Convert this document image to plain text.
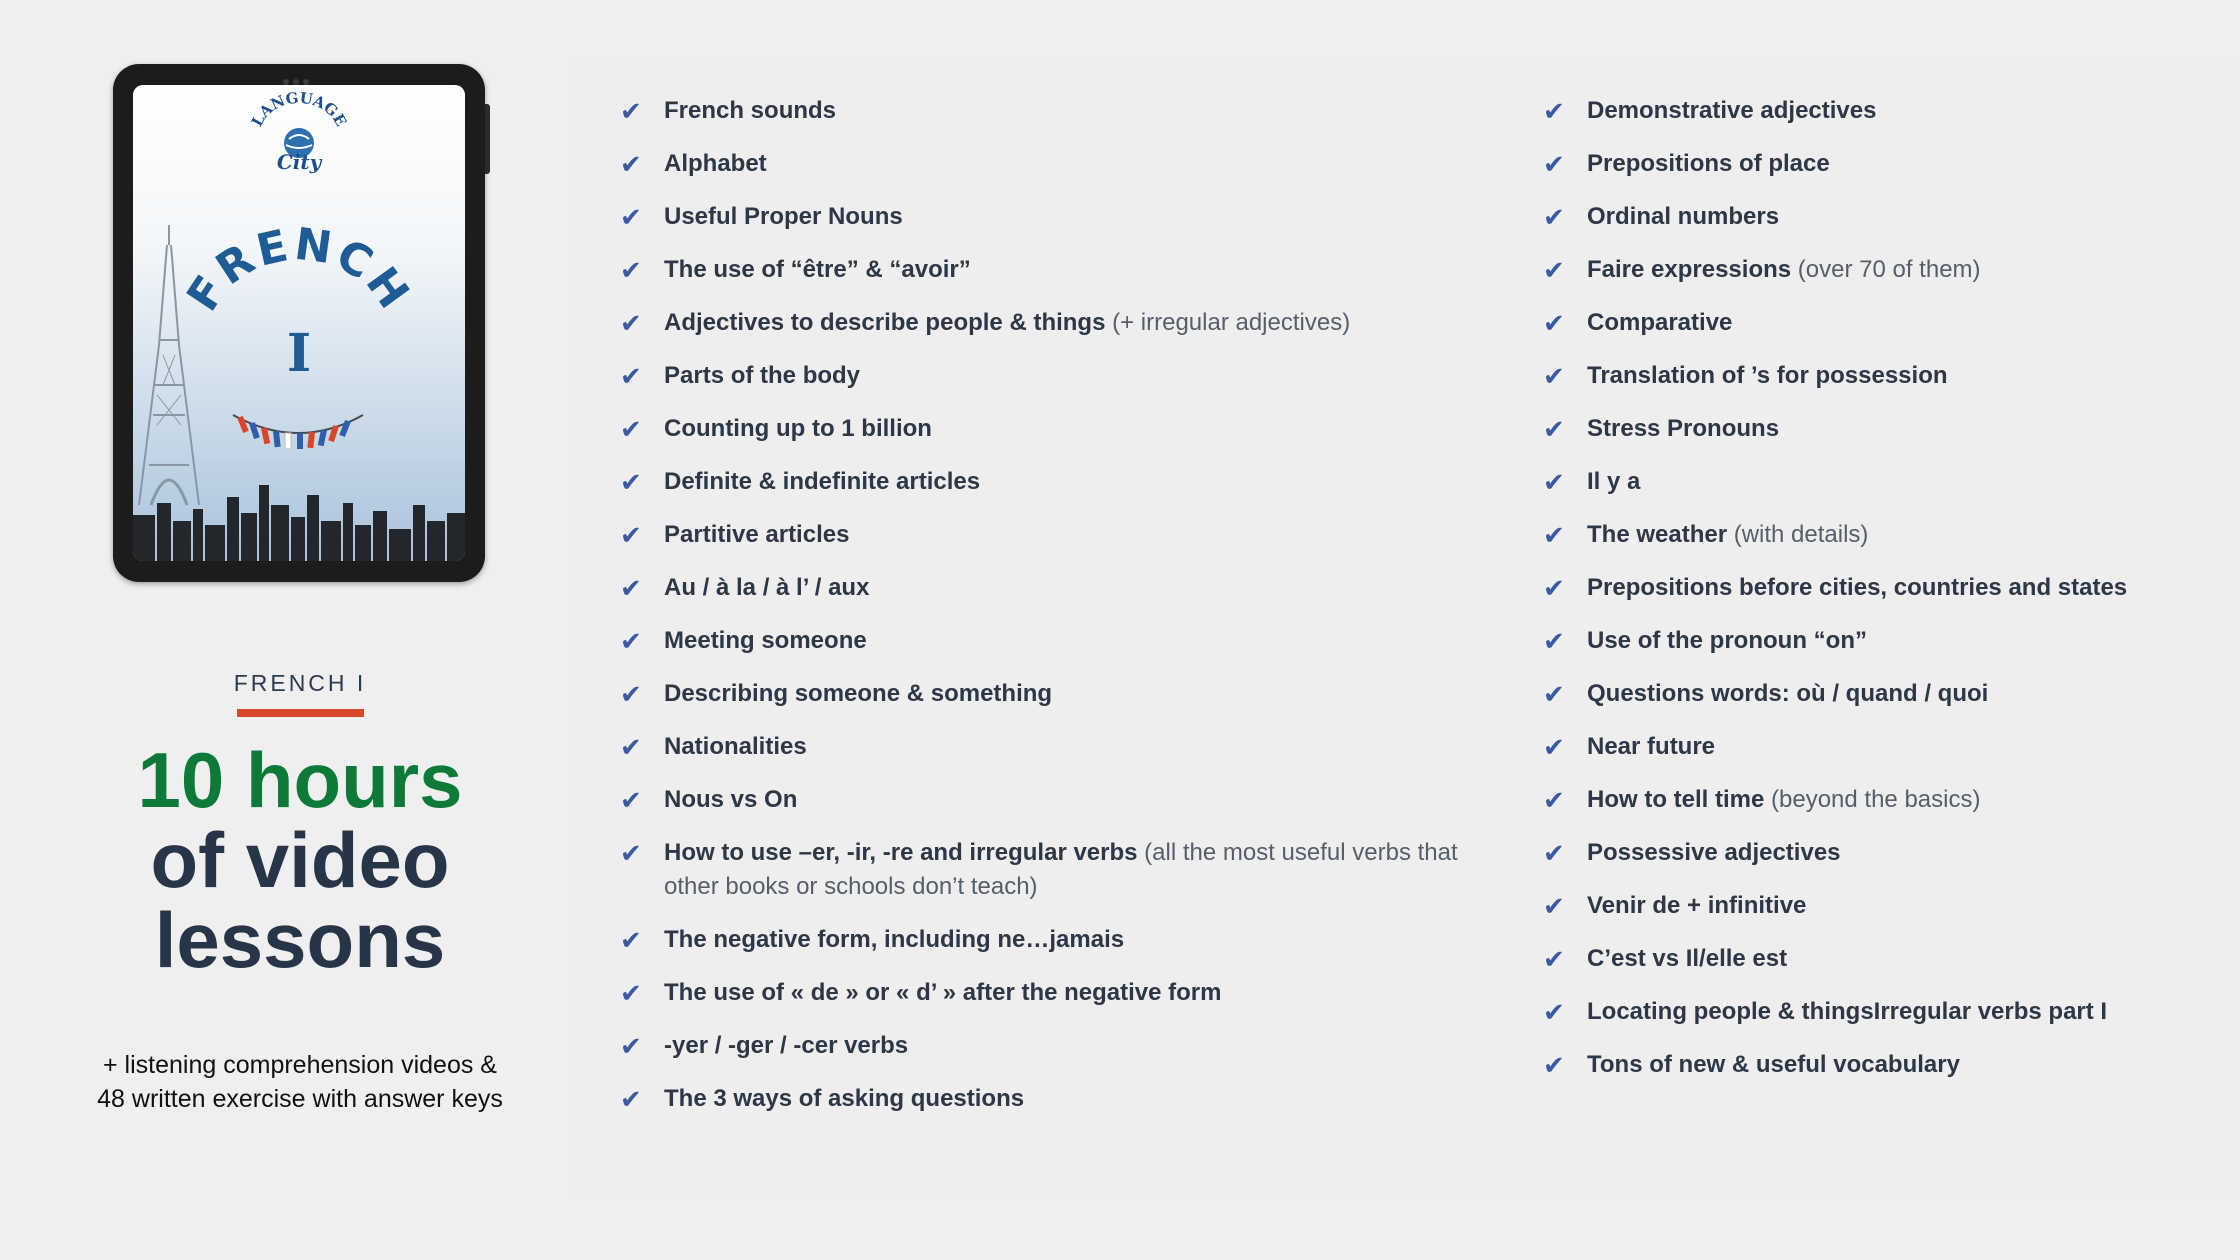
LANGUAGE
City
FRENCH
I
FRENCH I
10 hours
of video
lessons
+ listening comprehension videos &
48 written exercise with answer keys
✔ French sounds
✔ Alphabet
✔ Useful Proper Nouns
✔ The use of “être” & “avoir”
✔ Adjectives to describe people & things (+ irregular adjectives)
✔ Parts of the body
✔ Counting up to 1 billion
✔ Definite & indefinite articles
✔ Partitive articles
✔ Au / à la / à l’ / aux
✔ Meeting someone
✔ Describing someone & something
✔ Nationalities
✔ Nous vs On
✔ How to use –er, -ir, -re and irregular verbs (all the most useful verbs that other books or schools don’t teach)
✔ The negative form, including ne…jamais
✔ The use of « de » or « d’ » after the negative form
✔ -yer / -ger / -cer verbs
✔ The 3 ways of asking questions
✔ Demonstrative adjectives
✔ Prepositions of place
✔ Ordinal numbers
✔ Faire expressions (over 70 of them)
✔ Comparative
✔ Translation of ’s for possession
✔ Stress Pronouns
✔ Il y a
✔ The weather (with details)
✔ Prepositions before cities, countries and states
✔ Use of the pronoun “on”
✔ Questions words: où / quand / quoi
✔ Near future
✔ How to tell time (beyond the basics)
✔ Possessive adjectives
✔ Venir de + infinitive
✔ C’est vs Il/elle est
✔ Locating people & thingsIrregular verbs part I
✔ Tons of new & useful vocabulary
